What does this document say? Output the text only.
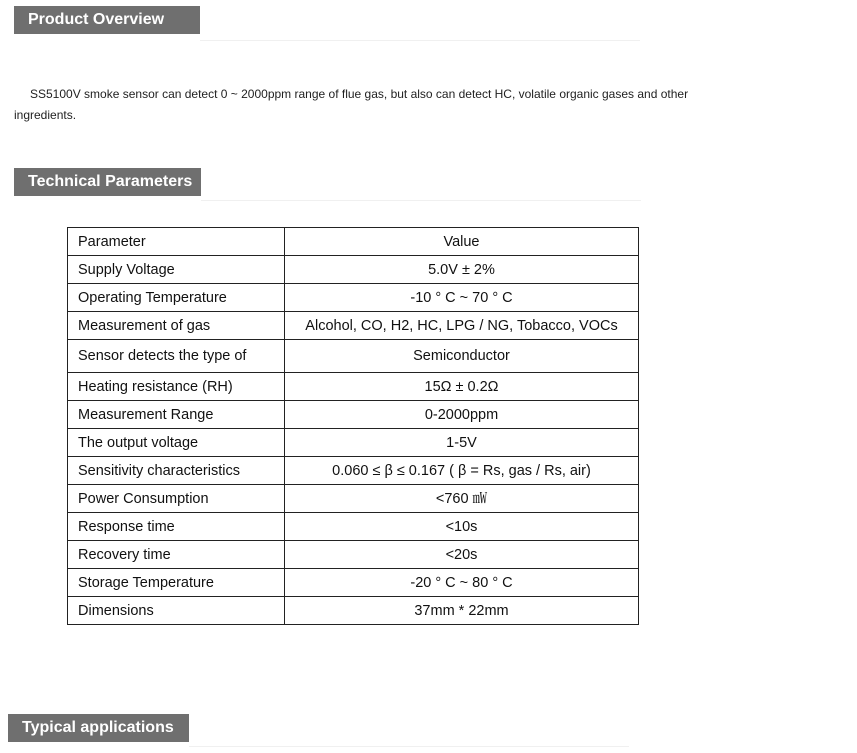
Product Overview
SS5100V smoke sensor can detect 0 ~ 2000ppm range of flue gas, but also can detect HC, volatile organic gases and other ingredients.
Technical Parameters
Parameter	Value
Supply Voltage	5.0V ± 2%
Operating Temperature	-10 ° C ~ 70 ° C
Measurement of gas	Alcohol, CO, H2, HC, LPG / NG, Tobacco, VOCs
Sensor detects the type of	Semiconductor
Heating resistance (RH)	15Ω ± 0.2Ω
Measurement Range	0-2000ppm
The output voltage	1-5V
Sensitivity characteristics	0.060 ≤ β ≤ 0.167 ( β = Rs, gas / Rs, air)
Power Consumption	<760 ㎽
Response time	<10s
Recovery time	<20s
Storage Temperature	-20 ° C ~ 80 ° C
Dimensions	37mm * 22mm
Typical applications
